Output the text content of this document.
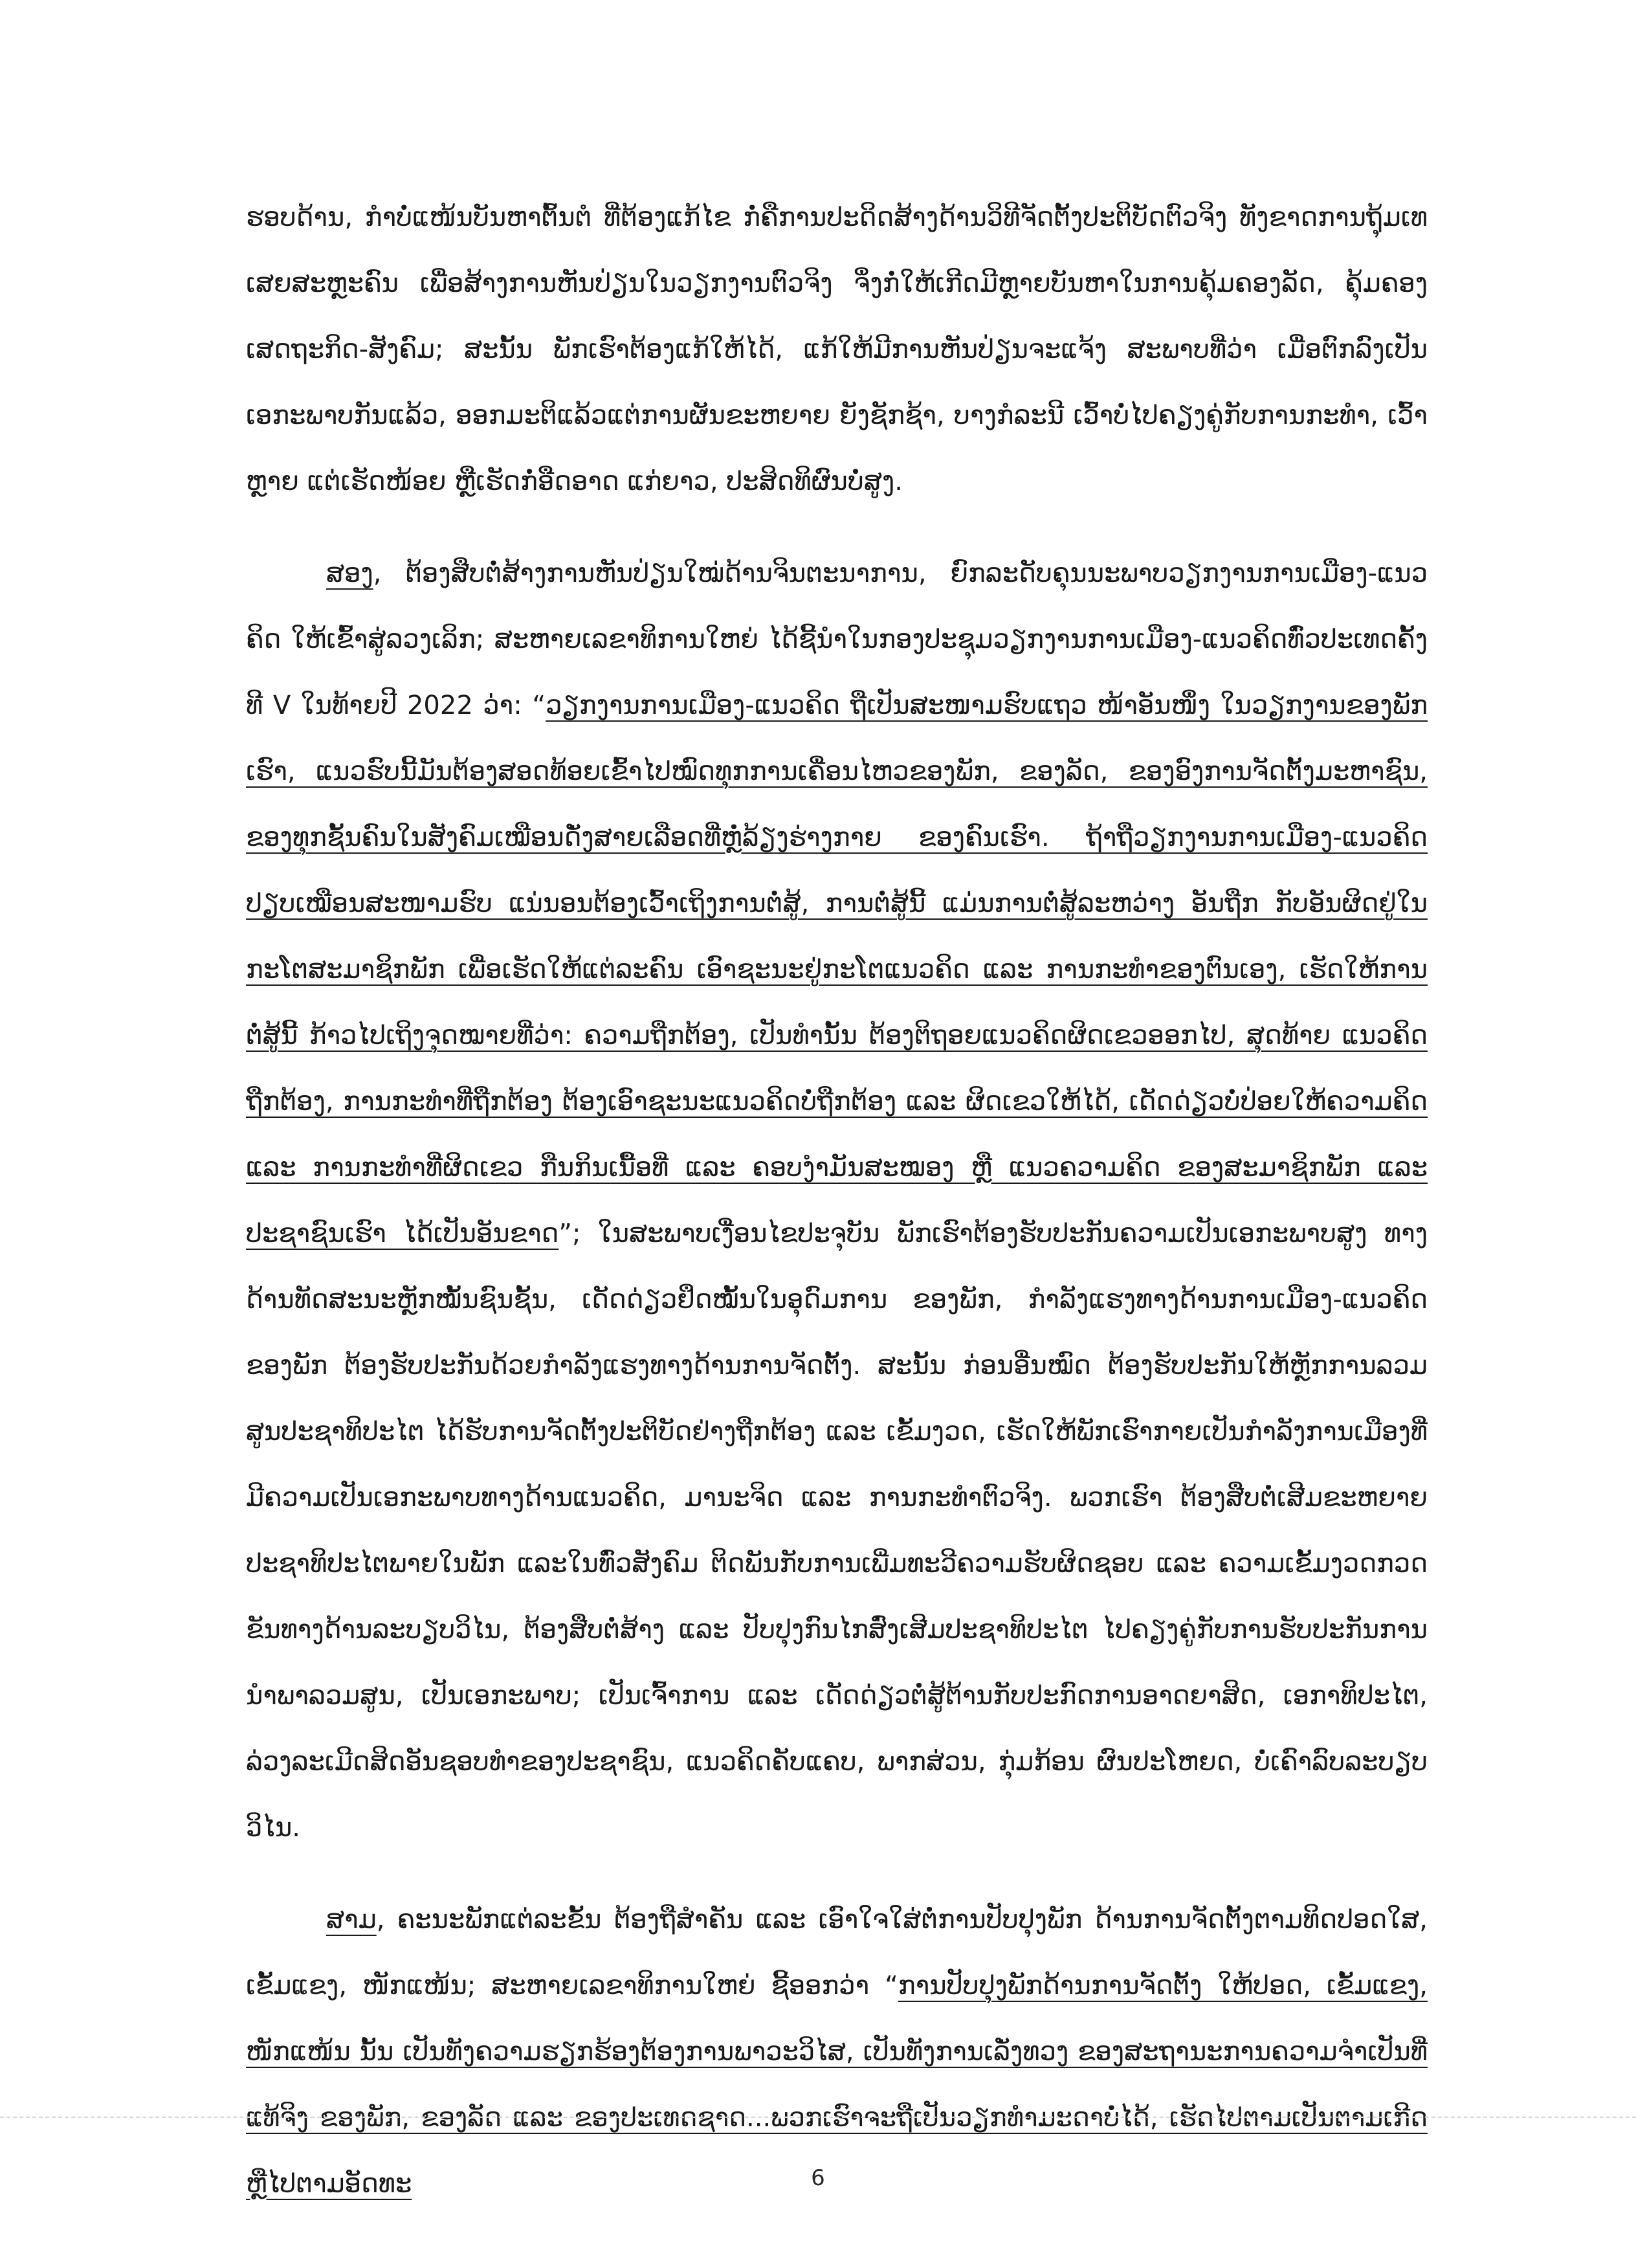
ຮອບດ້ານ, ກຳບໍ່ແໜ້ນບັນຫາຕົ້ນຕໍ ທີ່ຕ້ອງແກ້ໄຂ ກໍ່ຄືການປະດິດສ້າງດ້ານວິທີຈັດຕັ້ງປະຕິບັດຕົວຈິງ ທັງຂາດການຖຸ້ມເທ ເສຍສະຫຼະຄົນ ເພື່ອສ້າງການຫັນປ່ຽນໃນວຽກງານຕົວຈິງ ຈຶ່ງກໍ່ໃຫ້ເກີດມີຫຼາຍບັນຫາໃນການຄຸ້ມຄອງລັດ, ຄຸ້ມຄອງເສດຖະກິດ-ສັງຄົມ; ສະນັ້ນ ພັກເຮົາຕ້ອງແກ້ໃຫ້ໄດ້, ແກ້ໃຫ້ມີການຫັນປ່ຽນຈະແຈ້ງ ສະພາບທີ່ວ່າ ເມື່ອຕົກລົງເປັນເອກະພາບກັນແລ້ວ, ອອກມະຕິແລ້ວແຕ່ການຜັນຂະຫຍາຍ ຍັງຊັກຊ້າ, ບາງກໍລະນີ ເວົ້າບໍ່ໄປຄຽງຄູ່ກັບການກະທຳ, ເວົ້າຫຼາຍ ແຕ່ເຮັດໜ້ອຍ ຫຼືເຮັດກໍ່ອືດອາດ ແກ່ຍາວ, ປະສິດທິຜົນບໍ່ສູງ.

ສອງ, ຕ້ອງສືບຕໍ່ສ້າງການຫັນປ່ຽນໃໝ່ດ້ານຈິນຕະນາການ, ຍົກລະດັບຄຸນນະພາບວຽກງານການເມືອງ-ແນວຄິດ ໃຫ້ເຂົ້າສູ່ລວງເລິກ; ສະຫາຍເລຂາທິການໃຫຍ່ ໄດ້ຊີ້ນຳໃນກອງປະຊຸມວຽກງານການເມືອງ-ແນວຄິດທົ່ວປະເທດຄັ້ງທີ V ໃນທ້າຍປີ 2022 ວ່າ: “ວຽກງານການເມືອງ-ແນວຄິດ ຖືເປັນສະໜາມຮົບແຖວ ໜ້າອັນໜຶ່ງ ໃນວຽກງານຂອງພັກເຮົາ, ແນວຮົບນີ້ມັນຕ້ອງສອດທ້ອຍເຂົ້າໄປໝົດທຸກການເຄື່ອນໄຫວຂອງພັກ, ຂອງລັດ, ຂອງອົງການຈັດຕັ້ງມະຫາຊົນ, ຂອງທຸກຊັ້ນຄົນໃນສັງຄົມເໝືອນດັ່ງສາຍເລືອດທີ່ຫຼໍ່ລ້ຽງຮ່າງກາຍ ຂອງຄົນເຮົາ. ຖ້າຖືວຽກງານການເມືອງ-ແນວຄິດ ປຽບເໝືອນສະໜາມຮົບ ແນ່ນອນຕ້ອງເວົ້າເຖິງການຕໍ່ສູ້, ການຕໍ່ສູ້ນີ້ ແມ່ນການຕໍ່ສູ້ລະຫວ່າງ ອັນຖືກ ກັບອັນຜິດຢູ່ໃນກະໂຕສະມາຊິກພັກ ເພື່ອເຮັດໃຫ້ແຕ່ລະຄົນ ເອົາຊະນະຢູ່ກະໂຕແນວຄິດ ແລະ ການກະທຳຂອງຕົນເອງ, ເຮັດໃຫ້ການຕໍ່ສູ້ນີ້ ກ້າວໄປເຖິງຈຸດໝາຍທີ່ວ່າ: ຄວາມຖືກຕ້ອງ, ເປັນທຳນັ້ນ ຕ້ອງຕິຖອຍແນວຄິດຜິດເຂວອອກໄປ, ສຸດທ້າຍ ແນວຄິດຖືກຕ້ອງ, ການກະທຳທີ່ຖືກຕ້ອງ ຕ້ອງເອົາຊະນະແນວຄິດບໍ່ຖືກຕ້ອງ ແລະ ຜິດເຂວໃຫ້ໄດ້, ເດັດດ່ຽວບໍ່ປ່ອຍໃຫ້ຄວາມຄິດ ແລະ ການກະທຳທີ່ຜິດເຂວ ກືນກິນເນື້ອທີ່ ແລະ ຄອບງຳມັນສະໝອງ ຫຼື ແນວຄວາມຄິດ ຂອງສະມາຊິກພັກ ແລະ ປະຊາຊົນເຮົາ ໄດ້ເປັນອັນຂາດ”; ໃນສະພາບເງື່ອນໄຂປະຈຸບັນ ພັກເຮົາຕ້ອງຮັບປະກັນຄວາມເປັນເອກະພາບສູງ ທາງດ້ານທັດສະນະຫຼັກໝັ້ນຊົນຊັ້ນ, ເດັດດ່ຽວຢຶດໝັ້ນໃນອຸດົມການ ຂອງພັກ, ກຳລັງແຮງທາງດ້ານການເມືອງ-ແນວຄິດ ຂອງພັກ ຕ້ອງຮັບປະກັນດ້ວຍກຳລັງແຮງທາງດ້ານການຈັດຕັ້ງ. ສະນັ້ນ ກ່ອນອື່ນໝົດ ຕ້ອງຮັບປະກັນໃຫ້ຫຼັກການລວມສູນປະຊາທິປະໄຕ ໄດ້ຮັບການຈັດຕັ້ງປະຕິບັດຢ່າງຖືກຕ້ອງ ແລະ ເຂັ້ມງວດ, ເຮັດໃຫ້ພັກເຮົາກາຍເປັນກຳລັງການເມືອງທີ່ມີຄວາມເປັນເອກະພາບທາງດ້ານແນວຄິດ, ມານະຈິດ ແລະ ການກະທຳຕົວຈິງ. ພວກເຮົາ ຕ້ອງສືບຕໍ່ເສີມຂະຫຍາຍປະຊາທິປະໄຕພາຍໃນພັກ ແລະໃນທົ່ວສັງຄົມ ຕິດພັນກັບການເພີ່ມທະວີຄວາມຮັບຜິດຊອບ ແລະ ຄວາມເຂັ້ມງວດກວດຂັນທາງດ້ານລະບຽບວິໄນ, ຕ້ອງສືບຕໍ່ສ້າງ ແລະ ປັບປຸງກົນໄກສົ່ງເສີມປະຊາທິປະໄຕ ໄປຄຽງຄູ່ກັບການຮັບປະກັນການນຳພາລວມສູນ, ເປັນເອກະພາບ; ເປັນເຈົ້າການ ແລະ ເດັດດ່ຽວຕໍ່ສູ້ຕ້ານກັບປະກົດການອາດຍາສິດ, ເອກາທິປະໄຕ, ລ່ວງລະເມີດສິດອັນຊອບທຳຂອງປະຊາຊົນ, ແນວຄິດຄັບແຄບ, ພາກສ່ວນ, ກຸ່ມກ້ອນ ຜົນປະໂຫຍດ, ບໍ່ເຄົາລົບລະບຽບວິໄນ.

ສາມ, ຄະນະພັກແຕ່ລະຂັ້ນ ຕ້ອງຖືສຳຄັນ ແລະ ເອົາໃຈໃສ່ຕໍ່ການປັບປຸງພັກ ດ້ານການຈັດຕັ້ງຕາມທິດປອດໃສ, ເຂັ້ມແຂງ, ໜັກແໜ້ນ; ສະຫາຍເລຂາທິການໃຫຍ່ ຊີ້ອອກວ່າ “ການປັບປຸງພັກດ້ານການຈັດຕັ້ງ ໃຫ້ປອດ, ເຂັ້ມແຂງ, ໜັກແໜ້ນ ນັ້ນ ເປັນທັງຄວາມຮຽກຮ້ອງຕ້ອງການພາວະວິໄສ, ເປັນທັງການເລັ່ງທວງ ຂອງສະຖານະການຄວາມຈຳເປັນທີ່ແທ້ຈິງ ຂອງພັກ, ຂອງລັດ ແລະ ຂອງປະເທດຊາດ...ພວກເຮົາຈະຖືເປັນວຽກທຳມະດາບໍ່ໄດ້, ເຮັດໄປຕາມເປັນຕາມເກີດ ຫຼືໄປຕາມອັດທະ	6
